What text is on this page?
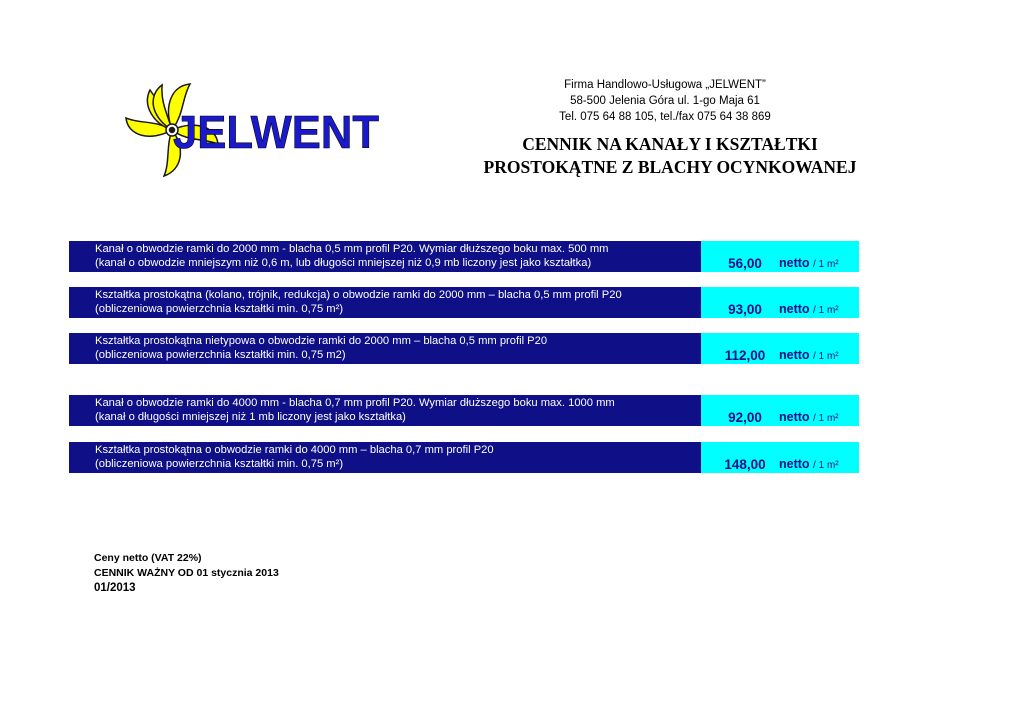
JELWENT
Firma Handlowo-Usługowa „JELWENT”
58-500 Jelenia Góra ul. 1-go Maja 61
Tel. 075 64 88 105, tel./fax 075 64 38 869
CENNIK NA KANAŁY I KSZTAŁTKI
PROSTOKĄTNE Z BLACHY OCYNKOWANEJ
Kanał o obwodzie ramki do 2000 mm - blacha 0,5 mm profil P20. Wymiar dłuższego boku max. 500 mm
(kanał o obwodzie mniejszym niż 0,6 m, lub długości mniejszej niż 0,9 mb liczony jest jako kształtka)	56,00	netto / 1 m²
Kształtka prostokątna (kolano, trójnik, redukcja) o obwodzie ramki do 2000 mm – blacha 0,5 mm profil P20
(obliczeniowa powierzchnia kształtki min. 0,75 m²)	93,00	netto / 1 m²
Kształtka prostokątna nietypowa o obwodzie ramki do 2000 mm – blacha 0,5 mm profil P20
(obliczeniowa powierzchnia kształtki min. 0,75 m2)	112,00	netto / 1 m²
Kanał o obwodzie ramki do 4000 mm - blacha 0,7 mm profil P20. Wymiar dłuższego boku max. 1000 mm
(kanał o długości mniejszej niż 1 mb liczony jest jako kształtka)	92,00	netto / 1 m²
Kształtka prostokątna o obwodzie ramki do 4000 mm – blacha 0,7 mm profil P20
(obliczeniowa powierzchnia kształtki min. 0,75 m²)	148,00	netto / 1 m²
Ceny netto (VAT 22%)
CENNIK WAŻNY OD 01 stycznia 2013
01/2013
